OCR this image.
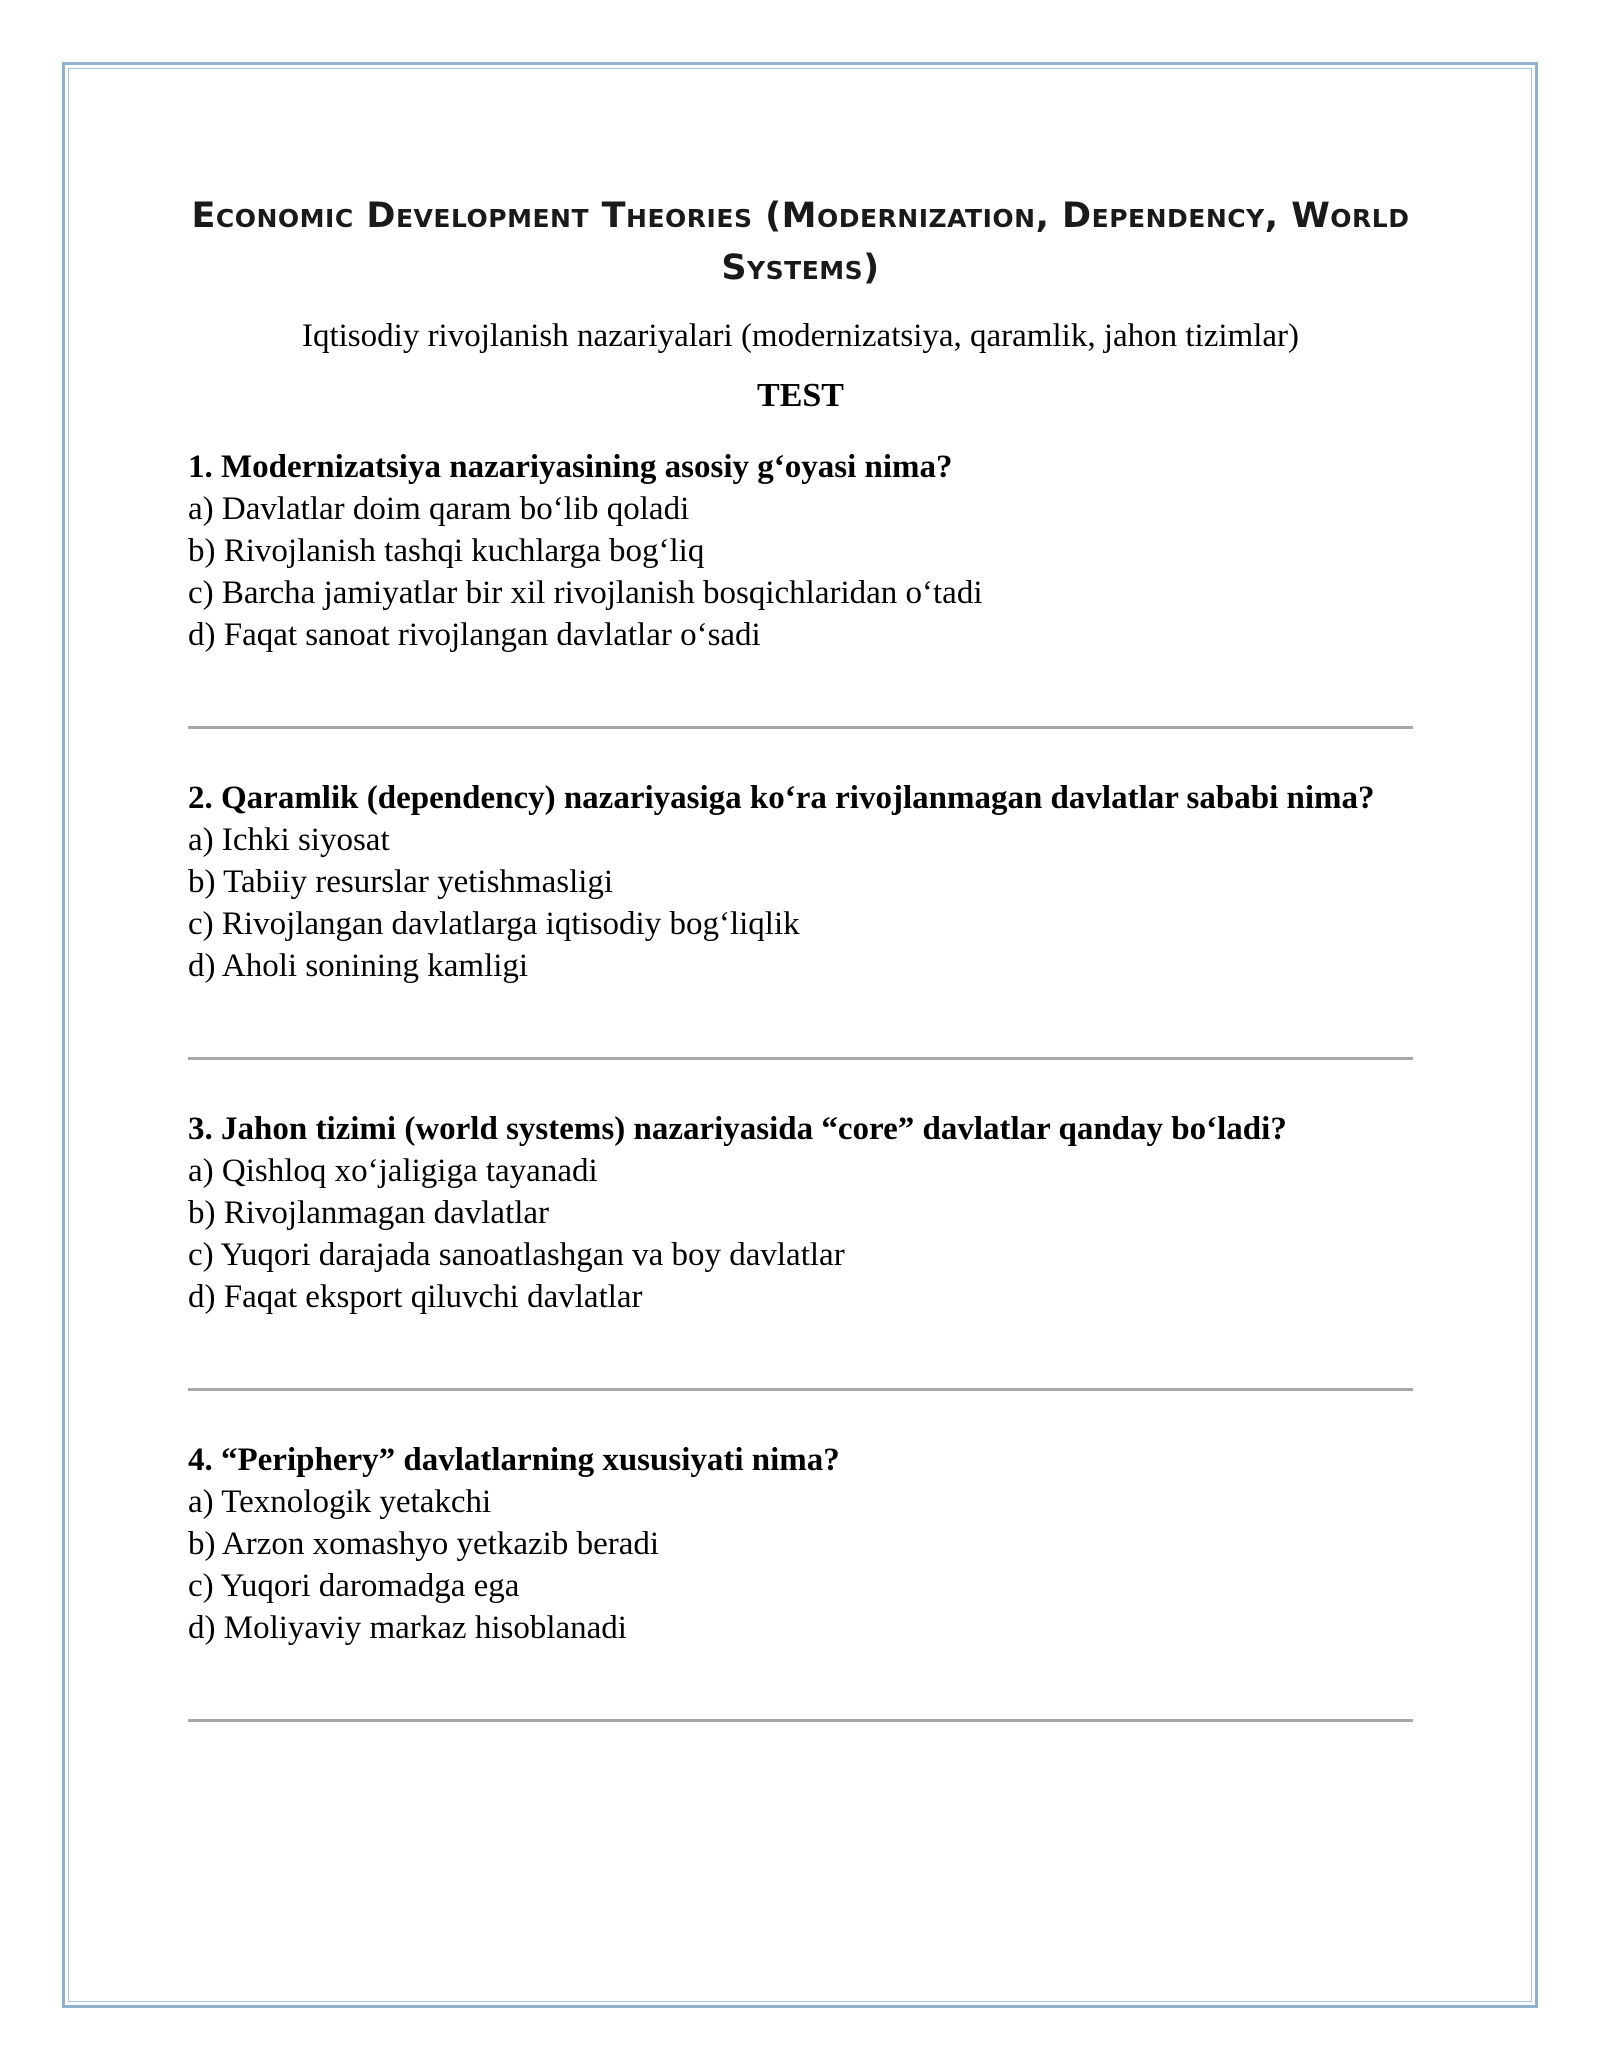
Economic Development Theories (Modernization, Dependency, World Systems)
Iqtisodiy rivojlanish nazariyalari (modernizatsiya, qaramlik, jahon tizimlar)
TEST

1. Modernizatsiya nazariyasining asosiy g‘oyasi nima?

a) Davlatlar doim qaram bo‘lib qoladi

b) Rivojlanish tashqi kuchlarga bog‘liq

c) Barcha jamiyatlar bir xil rivojlanish bosqichlaridan o‘tadi

d) Faqat sanoat rivojlangan davlatlar o‘sadi

2. Qaramlik (dependency) nazariyasiga ko‘ra rivojlanmagan davlatlar sababi nima?

a) Ichki siyosat

b) Tabiiy resurslar yetishmasligi

c) Rivojlangan davlatlarga iqtisodiy bog‘liqlik

d) Aholi sonining kamligi

3. Jahon tizimi (world systems) nazariyasida “core” davlatlar qanday bo‘ladi?

a) Qishloq xo‘jaligiga tayanadi

b) Rivojlanmagan davlatlar

c) Yuqori darajada sanoatlashgan va boy davlatlar

d) Faqat eksport qiluvchi davlatlar

4. “Periphery” davlatlarning xususiyati nima?

a) Texnologik yetakchi

b) Arzon xomashyo yetkazib beradi

c) Yuqori daromadga ega

d) Moliyaviy markaz hisoblanadi
